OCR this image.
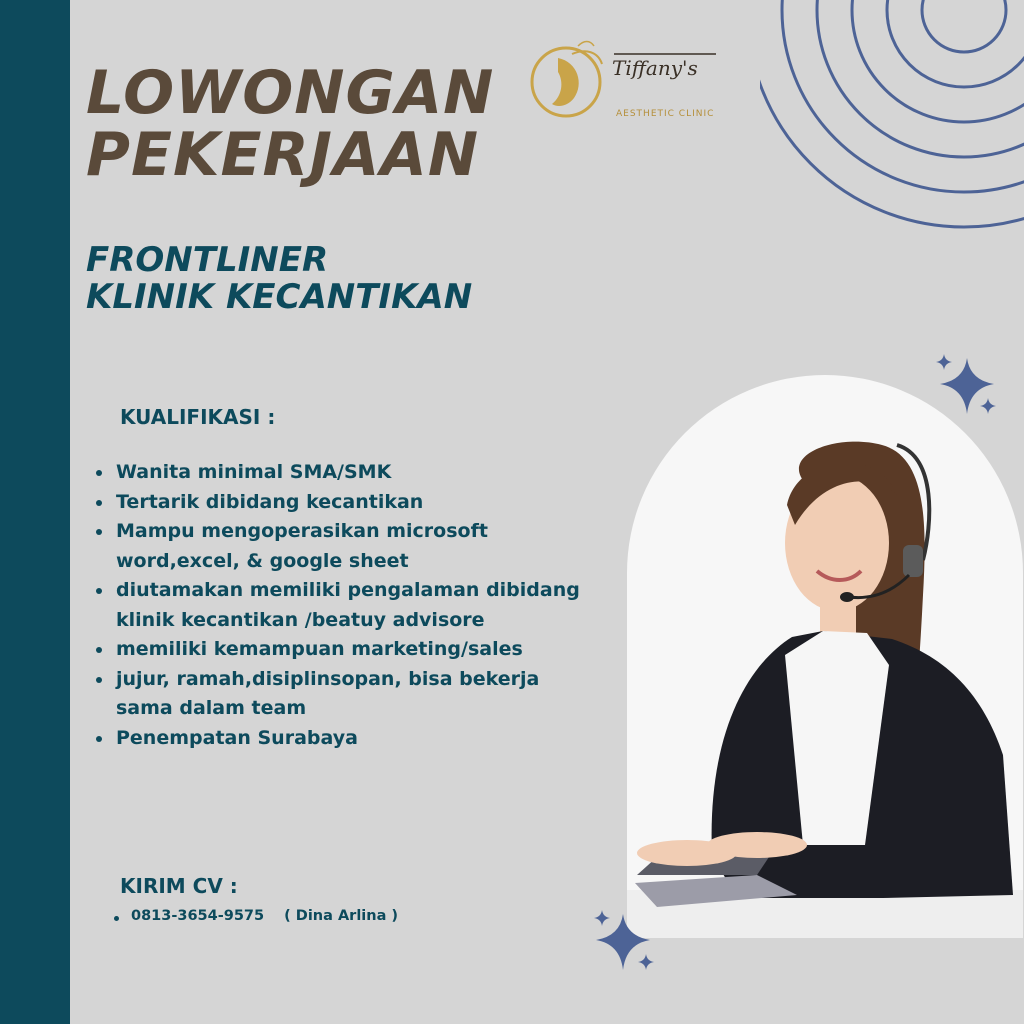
LOWONGAN
PEKERJAAN
Tiffany's
AESTHETIC CLINIC
FRONTLINER
KLINIK KECANTIKAN
KUALIFIKASI :
Wanita minimal SMA/SMK
Tertarik dibidang kecantikan
Mampu mengoperasikan microsoft word,excel, & google sheet
diutamakan memiliki pengalaman dibidang klinik kecantikan /beatuy advisore
memiliki kemampuan marketing/sales
jujur, ramah,disiplinsopan, bisa bekerja sama dalam team
Penempatan Surabaya
KIRIM CV :
0813-3654-9575 ( Dina Arlina )
